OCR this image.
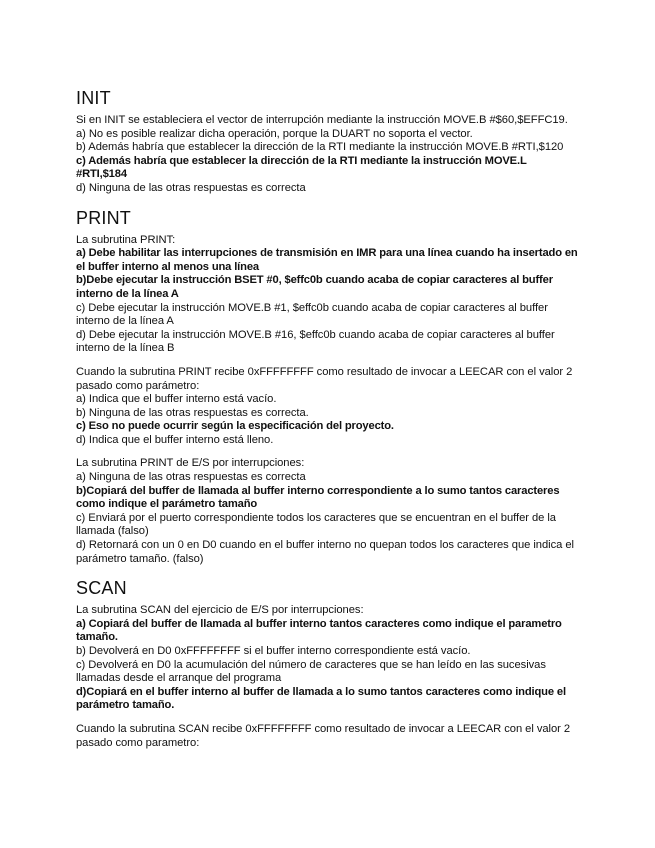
INIT

Si en INIT se estableciera el vector de interrupción mediante la instrucción MOVE.B #$60,$EFFC19.

a) No es posible realizar dicha operación, porque la DUART no soporta el vector.

b) Además habría que establecer la dirección de la RTI mediante la instrucción MOVE.B #RTI,$120

c) Además habría que establecer la dirección de la RTI mediante la instrucción MOVE.L #RTI,$184

d) Ninguna de las otras respuestas es correcta

PRINT

La subrutina PRINT:

a) Debe habilitar las interrupciones de transmisión en IMR para una línea cuando ha insertado en el buffer interno al menos una línea

b)Debe ejecutar la instrucción BSET #0, $effc0b cuando acaba de copiar caracteres al buffer interno de la línea A

c) Debe ejecutar la instrucción MOVE.B #1, $effc0b cuando acaba de copiar caracteres al buffer interno de la línea A

d) Debe ejecutar la instrucción MOVE.B #16, $effc0b cuando acaba de copiar caracteres al buffer interno de la línea B

Cuando la subrutina PRINT recibe 0xFFFFFFFF como resultado de invocar a LEECAR con el valor 2 pasado como parámetro:

a) Indica que el buffer interno está vacío.

b) Ninguna de las otras respuestas es correcta.

c) Eso no puede ocurrir según la especificación del proyecto.

d) Indica que el buffer interno está lleno.

La subrutina PRINT de E/S por interrupciones:

a) Ninguna de las otras respuestas es correcta

b)Copiará del buffer de llamada al buffer interno correspondiente a lo sumo tantos caracteres como indique el parámetro tamaño

c) Enviará por el puerto correspondiente todos los caracteres que se encuentran en el buffer de la llamada (falso)

d) Retornará con un 0 en D0 cuando en el buffer interno no quepan todos los caracteres que indica el parámetro tamaño. (falso)

SCAN

La subrutina SCAN del ejercicio de E/S por interrupciones:

a) Copiará del buffer de llamada al buffer interno tantos caracteres como indique el parametro tamaño.

b) Devolverá en D0 0xFFFFFFFF si el buffer interno correspondiente está vacío.

c) Devolverá en D0 la acumulación del número de caracteres que se han leído en las sucesivas llamadas desde el arranque del programa

d)Copiará en el buffer interno al buffer de llamada a lo sumo tantos caracteres como indique el parámetro tamaño.

Cuando la subrutina SCAN recibe 0xFFFFFFFF como resultado de invocar a LEECAR con el valor 2 pasado como parametro:
